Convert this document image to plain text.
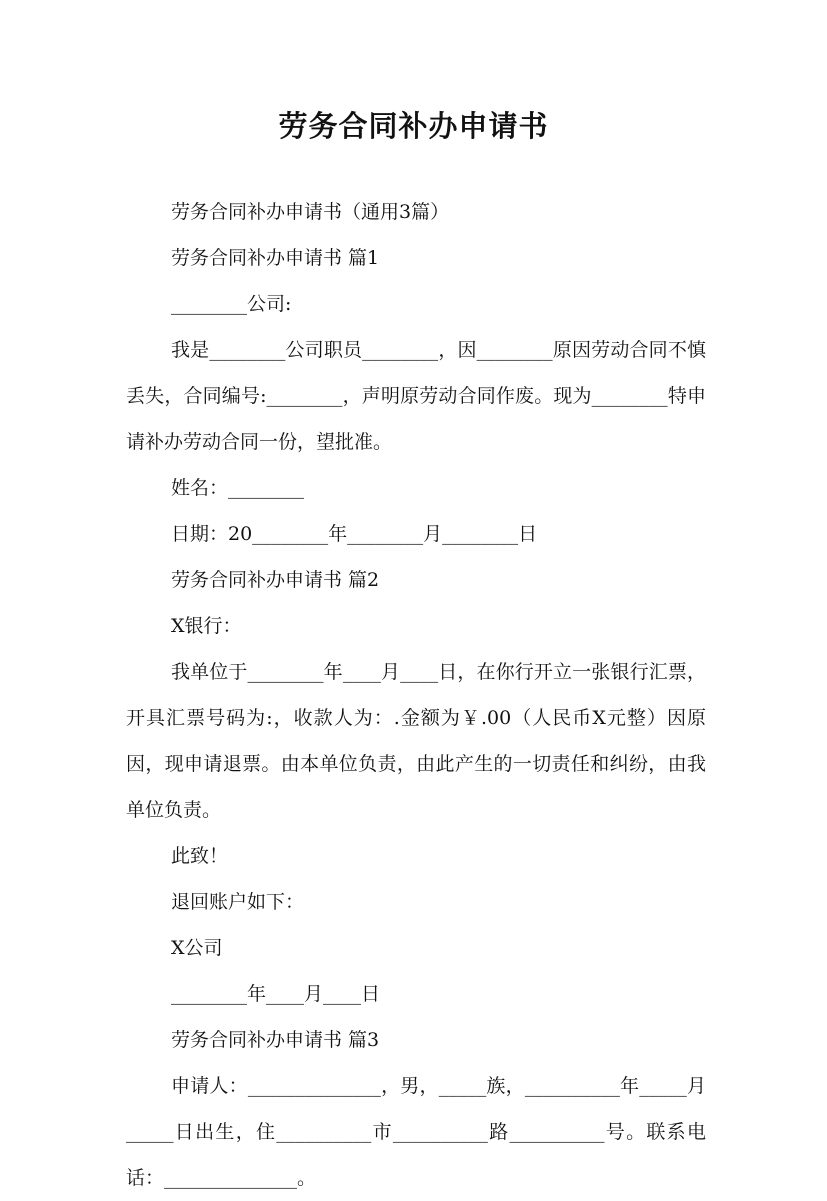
劳务合同补办申请书

劳务合同补办申请书（通用3篇）

劳务合同补办申请书 篇1

________公司:

我是________公司职员________，因________原因劳动合同不慎丢失，合同编号:________，声明原劳动合同作废。现为________特申请补办劳动合同一份，望批准。

姓名：________

日期：20________年________月________日

劳务合同补办申请书 篇2

X银行：

我单位于________年____月____日，在你行开立一张银行汇票，开具汇票号码为:，收款人为：.金额为￥.00（人民币X元整）因原因，现申请退票。由本单位负责，由此产生的一切责任和纠纷，由我单位负责。

此致！

退回账户如下：

X公司

________年____月____日

劳务合同补办申请书 篇3

申请人：______________，男，_____族，__________年_____月_____日出生，住__________市__________路__________号。联系电话：______________。
